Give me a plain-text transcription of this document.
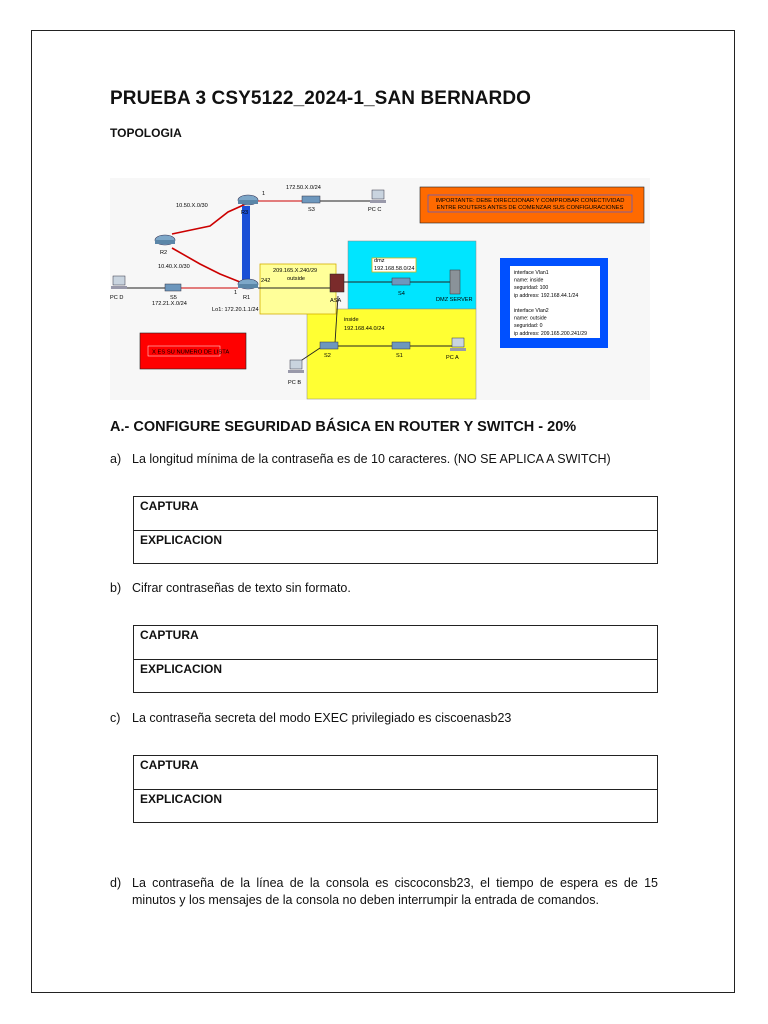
PRUEBA 3 CSY5122_2024-1_SAN BERNARDO
TOPOLOGIA
IMPORTANTE: DEBE DIRECCIONAR Y COMPROBAR CONECTIVIDAD
ENTRE ROUTERS ANTES DE COMENZAR SUS CONFIGURACIONES
interface Vlan1
name: inside
seguridad: 100
ip address: 192.168.44.1/24
interface Vlan2
name: outside
seguridad: 0
ip address: 209.165.200.241/29
X ES SU NUMERO DE LISTA
172.50.X.0/24
1
10.50.X.0/30
10.40.X.0/30
172.21.X.0/24
Lo1: 172.20.1.1/24
209.165.X.240/29
outside
242
1
dmz
192.168.58.0/24
inside
192.168.44.0/24
R3
R2
R1
S3
S5
S4
S2	S1
ASA
PC C
PC D
PC A
PC B
DMZ SERVER
A.- CONFIGURE SEGURIDAD BÁSICA EN ROUTER Y SWITCH - 20%
a) La longitud mínima de la contraseña es de 10 caracteres. (NO SE APLICA A SWITCH)
CAPTURA
EXPLICACION
b) Cifrar contraseñas de texto sin formato.
CAPTURA
EXPLICACION
c) La contraseña secreta del modo EXEC privilegiado es ciscoenasb23
CAPTURA
EXPLICACION
d) La contraseña de la línea de la consola es ciscoconsb23, el tiempo de espera es de 15 minutos y los mensajes de la consola no deben interrumpir la entrada de comandos.
